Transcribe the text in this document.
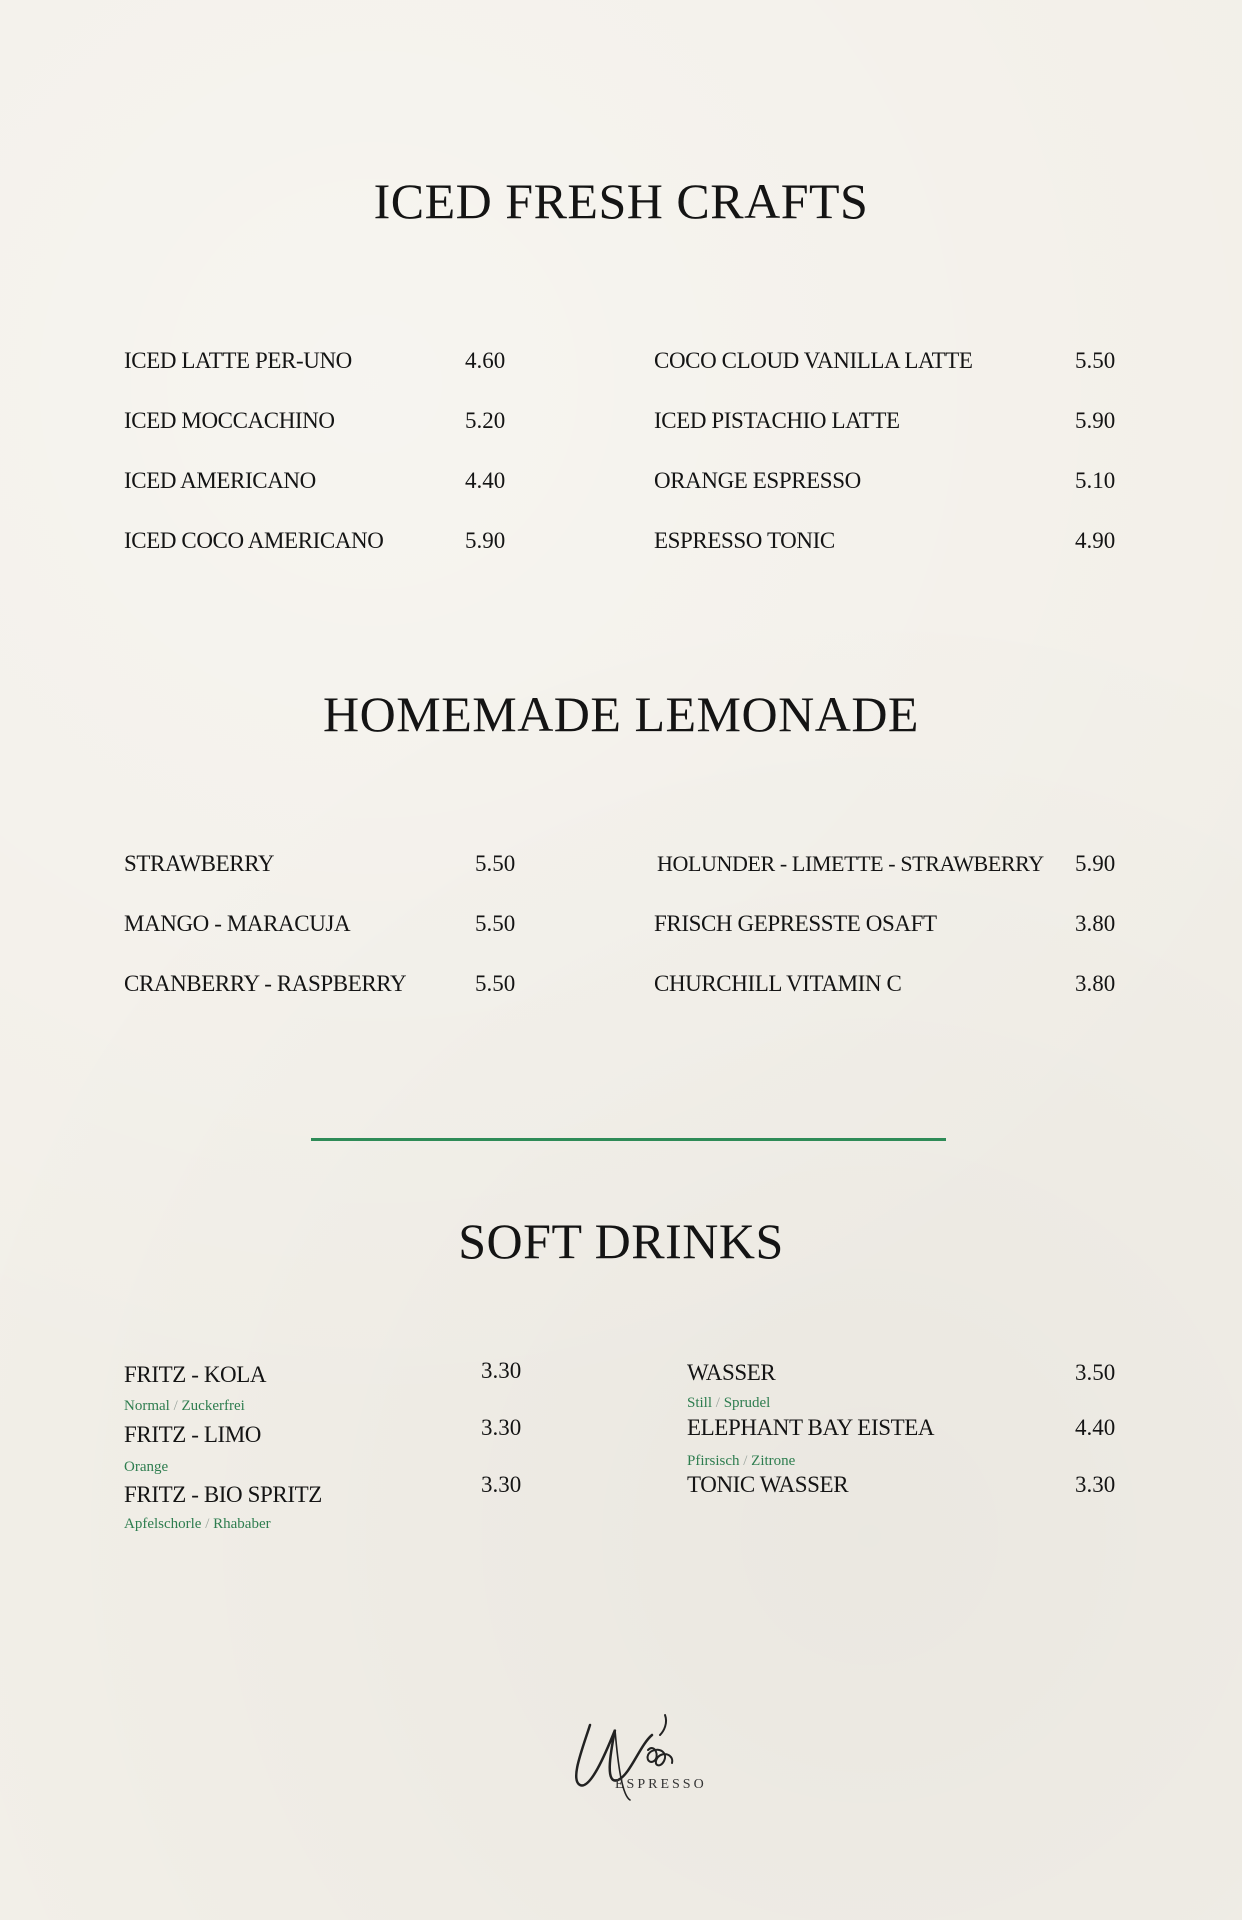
ICED FRESH CRAFTS
ICED LATTE PER-UNO	4.60
ICED MOCCACHINO	5.20
ICED AMERICANO	4.40
ICED COCO AMERICANO	5.90
COCO CLOUD VANILLA LATTE	5.50
ICED PISTACHIO LATTE	5.90
ORANGE ESPRESSO	5.10
ESPRESSO TONIC	4.90
HOMEMADE LEMONADE
STRAWBERRY	5.50
MANGO - MARACUJA	5.50
CRANBERRY - RASPBERRY	5.50
HOLUNDER - LIMETTE - STRAWBERRY 5.90
FRISCH GEPRESSTE OSAFT	3.80
CHURCHILL VITAMIN C	3.80
SOFT DRINKS
FRITZ - KOLA	3.30
Normal / Zuckerfrei
FRITZ - LIMO	3.30
Orange
FRITZ - BIO SPRITZ	3.30
Apfelschorle / Rhababer
WASSER	3.50
Still / Sprudel
ELEPHANT BAY EISTEA	4.40
Pfirsisch / Zitrone
TONIC WASSER	3.30
ESPRESSO
